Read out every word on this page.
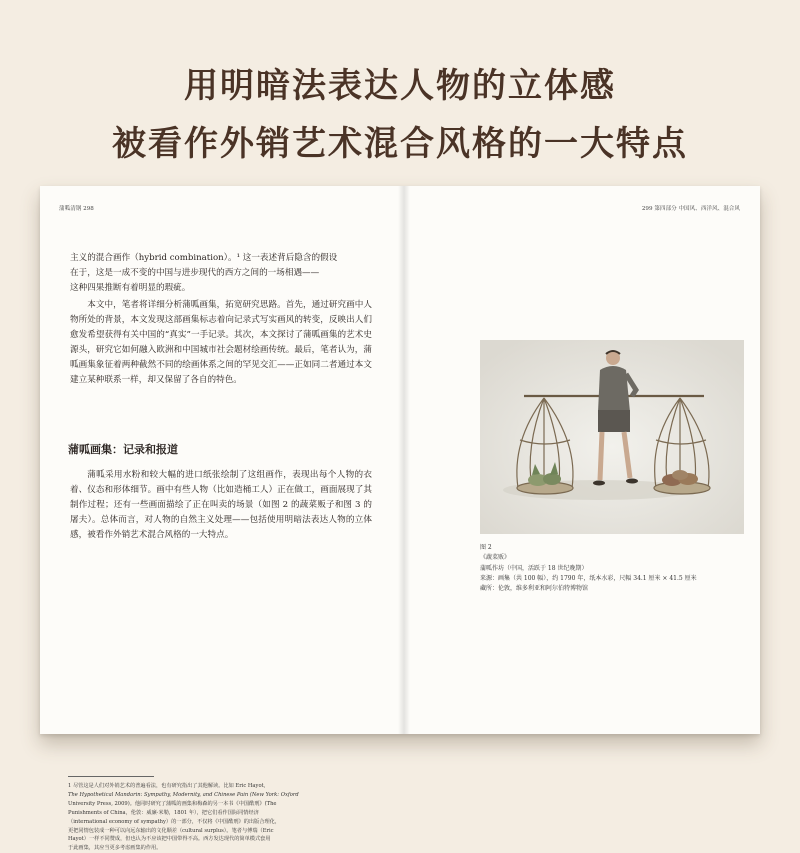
用明暗法表达人物的立体感
被看作外销艺术混合风格的一大特点
蒲呱清钢 298

主义的混合画作（hybrid combination）。¹ 这一表述背后隐含的假设

在于，这是一成不变的中国与进步现代的西方之间的一场相遇——

这种四果推断有着明显的瑕疵。

本文中，笔者将详细分析蒲呱画集，拓宽研究思路。首先，通过研究画中人物所处的背景，本文发现这部画集标志着向记录式写实画风的转变，反映出人们愈发希望获得有关中国的“真实”一手记录。其次，本文探讨了蒲呱画集的艺术史源头，研究它如何融入欧洲和中国城市社会题材绘画传统。最后，笔者认为，蒲呱画集象征着两种截然不同的绘画体系之间的罕见交汇——正如同二者通过本文建立某种联系一样，却又保留了各自的特色。
蒲呱画集：记录和报道
蒲呱采用水粉和较大幅的进口纸张绘制了这组画作，表现出每个人物的衣着、仪态和形体细节。画中有些人物（比如造桶工人）正在做工，画面展现了其制作过程；还有一些画面描绘了正在叫卖的场景（如图 2 的蔬菜贩子和图 3 的屠夫）。总体而言，对人物的自然主义处理——包括使用明暗法表达人物的立体感，被看作外销艺术混合风格的一大特点。
1 尽管这是人们对外销艺术的普遍看法，也有研究指出了其他解读。比如 Eric Hayot,
The Hypothetical Mandarin: Sympathy, Modernity, and Chinese Pain (New York: Oxford
University Press, 2009)。他同时研究了蒲呱的画集和梅森的另一本书《中国酷刑》(The
Punishments of China，伦敦：威廉·米勒，1801 年），把它们看作国际同情经济
（international economy of sympathy）的一部分，不仅将《中国酷刑》的出版合理化，
更把同情包装成一种可以向远东输出的文化顺差（cultural surplus）。笔者与傅瑞（Eric
Hayot）一样不同赞成，但也认为不应该把中国带得不高。西方发达现代的简单模式套用
于此画集，其应当更多考虑画集的作用。
299 第四部分 中国风、西洋风、混合风
图 2
《蔬菜贩》
蒲呱作坊（中国，活跃于 18 世纪晚期）
来源：画集（共 100 幅），约 1790 年，纸本水彩，尺幅 34.1 厘米 × 41.5 厘米
藏所：伦敦，维多利亚和阿尔伯特博物馆
